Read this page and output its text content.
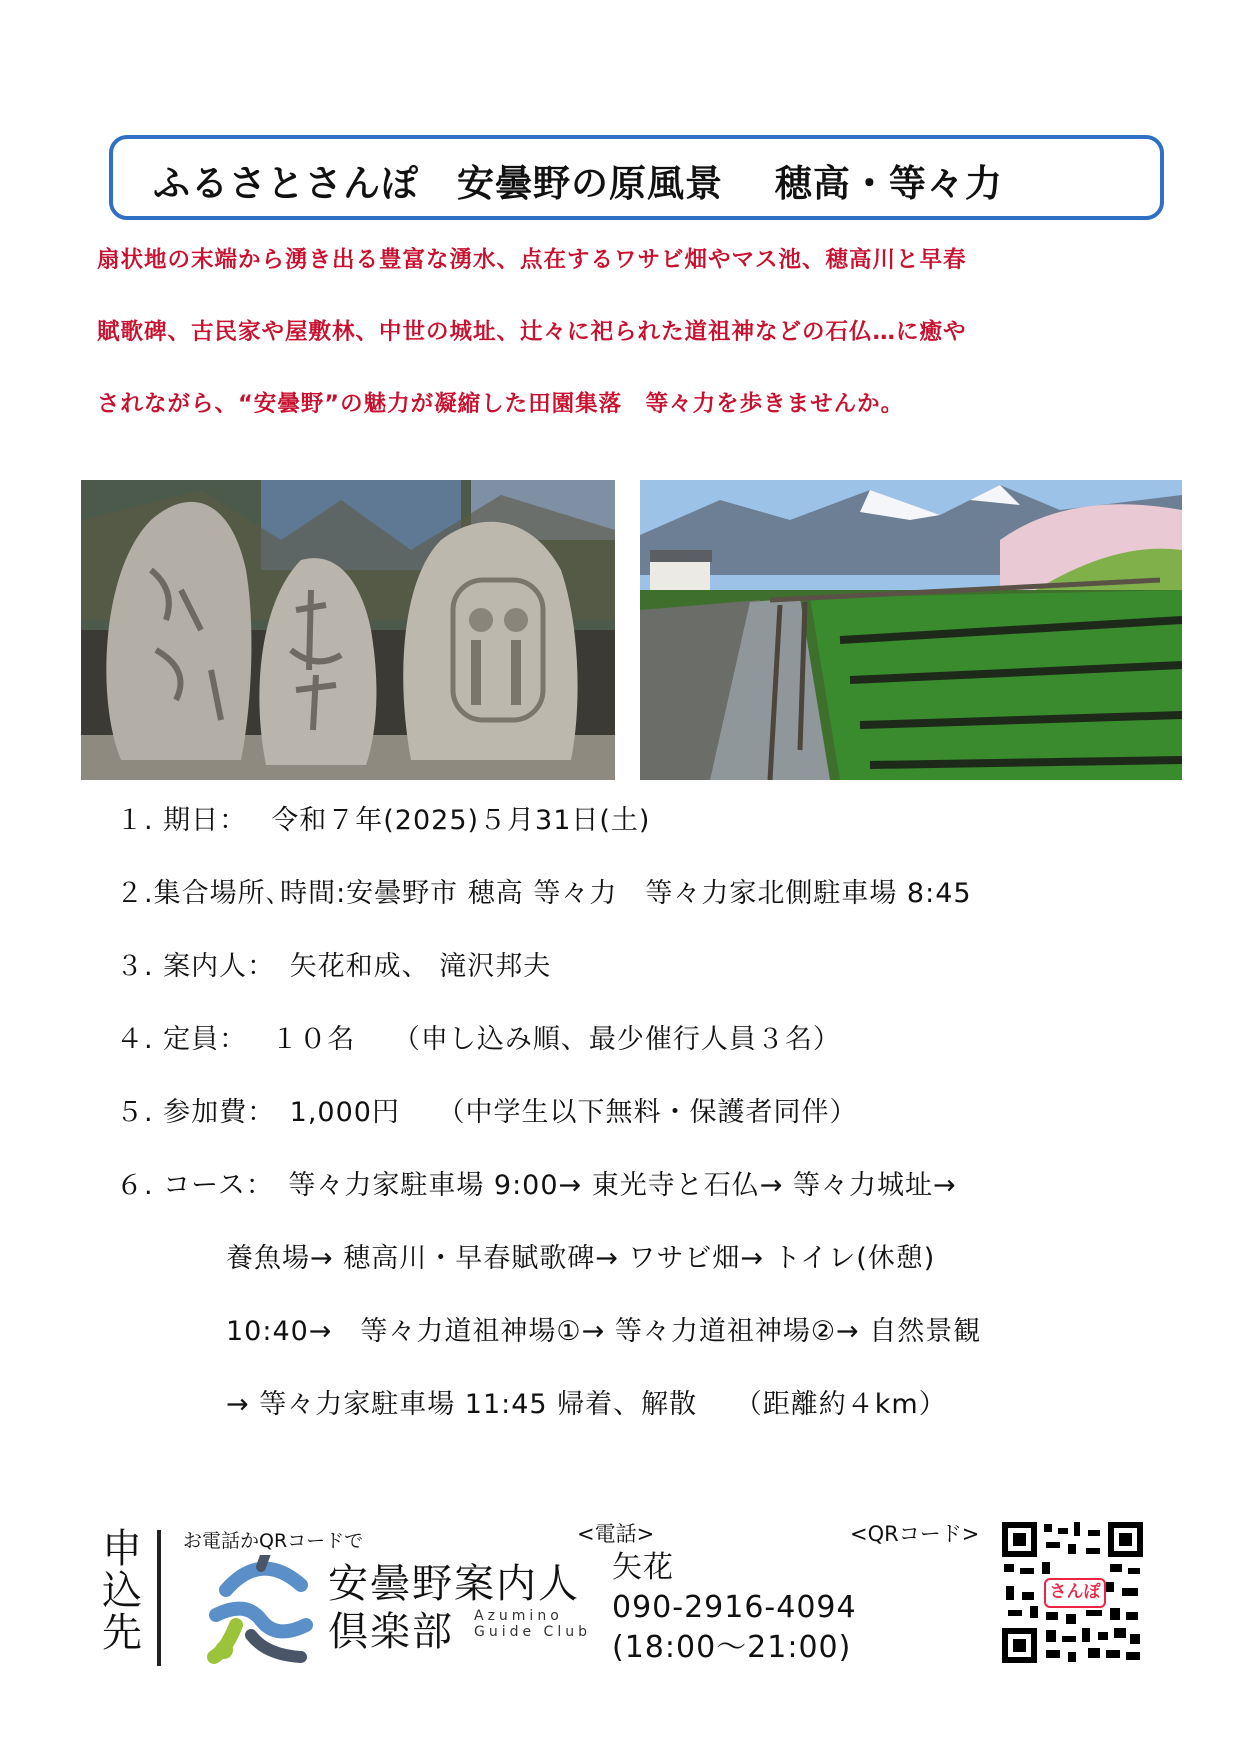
ふるさとさんぽ　安曇野の原風景　 穂高・等々力
扇状地の末端から湧き出る豊富な湧水、点在するワサビ畑やマス池、穂高川と早春
賦歌碑、古民家や屋敷林、中世の城址、辻々に祀られた道祖神などの石仏…に癒や
されながら、“安曇野”の魅力が凝縮した田園集落　等々力を歩きませんか。
１. 期日：　 令和７年(2025)５月31日(土)
２.集合場所､時間:安曇野市 穂高 等々力　等々力家北側駐車場 8:45
３. 案内人：　矢花和成、 滝沢邦夫
４. 定員：　 １０名　 （申し込み順、最少催行人員３名）
５. 参加費：　1,000円　 （中学生以下無料・保護者同伴）
６. コース：　等々力家駐車場 9:00→ 東光寺と石仏→ 等々力城址→
養魚場→ 穂高川・早春賦歌碑→ ワサビ畑→ トイレ(休憩)
10:40→　等々力道祖神場①→ 等々力道祖神場②→ 自然景観
→ 等々力家駐車場 11:45 帰着、解散　 （距離約４km）
申
込
先
お電話かQRコードで
安曇野案内人
倶楽部	Azumino
Guide Club
<電話>
矢花
090-2916-4094
(18:00～21:00)
<QRコード>
さんぽ
